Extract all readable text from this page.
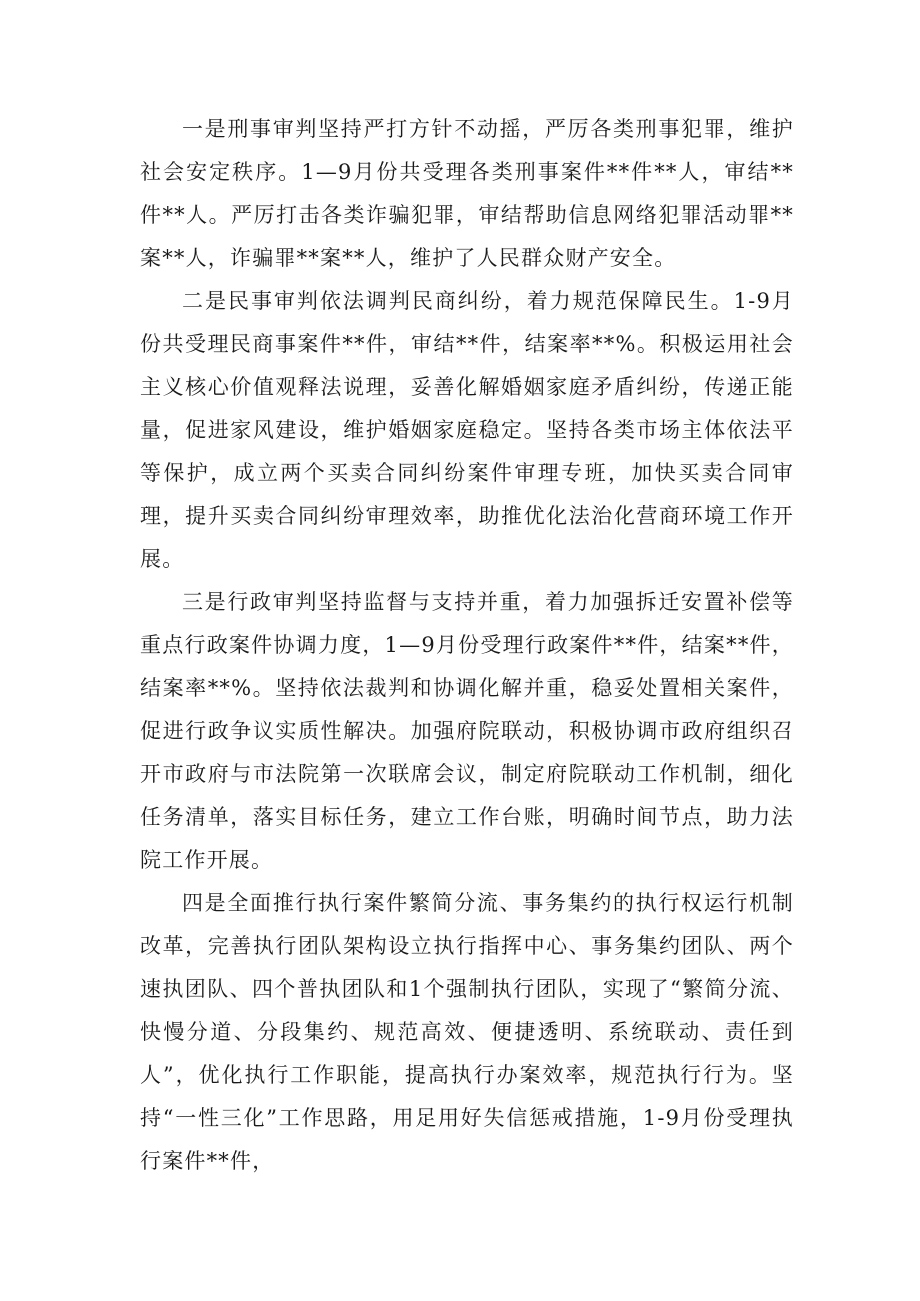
一是刑事审判坚持严打方针不动摇，严厉各类刑事犯罪，维护社会安定秩序。1—9月份共受理各类刑事案件**件**人，审结**件**人。严厉打击各类诈骗犯罪，审结帮助信息网络犯罪活动罪**案**人，诈骗罪**案**人，维护了人民群众财产安全。

二是民事审判依法调判民商纠纷，着力规范保障民生。1-9月份共受理民商事案件**件，审结**件，结案率**%。积极运用社会主义核心价值观释法说理，妥善化解婚姻家庭矛盾纠纷，传递正能量，促进家风建设，维护婚姻家庭稳定。坚持各类市场主体依法平等保护，成立两个买卖合同纠纷案件审理专班，加快买卖合同审理，提升买卖合同纠纷审理效率，助推优化法治化营商环境工作开展。

三是行政审判坚持监督与支持并重，着力加强拆迁安置补偿等重点行政案件协调力度，1—9月份受理行政案件**件，结案**件，结案率**%。坚持依法裁判和协调化解并重，稳妥处置相关案件，促进行政争议实质性解决。加强府院联动，积极协调市政府组织召开市政府与市法院第一次联席会议，制定府院联动工作机制，细化任务清单，落实目标任务，建立工作台账，明确时间节点，助力法院工作开展。

四是全面推行执行案件繁简分流、事务集约的执行权运行机制改革，完善执行团队架构设立执行指挥中心、事务集约团队、两个速执团队、四个普执团队和1个强制执行团队，实现了“繁简分流、快慢分道、分段集约、规范高效、便捷透明、系统联动、责任到人”，优化执行工作职能，提高执行办案效率，规范执行行为。坚持“一性三化”工作思路，用足用好失信惩戒措施，1-9月份受理执行案件**件，
